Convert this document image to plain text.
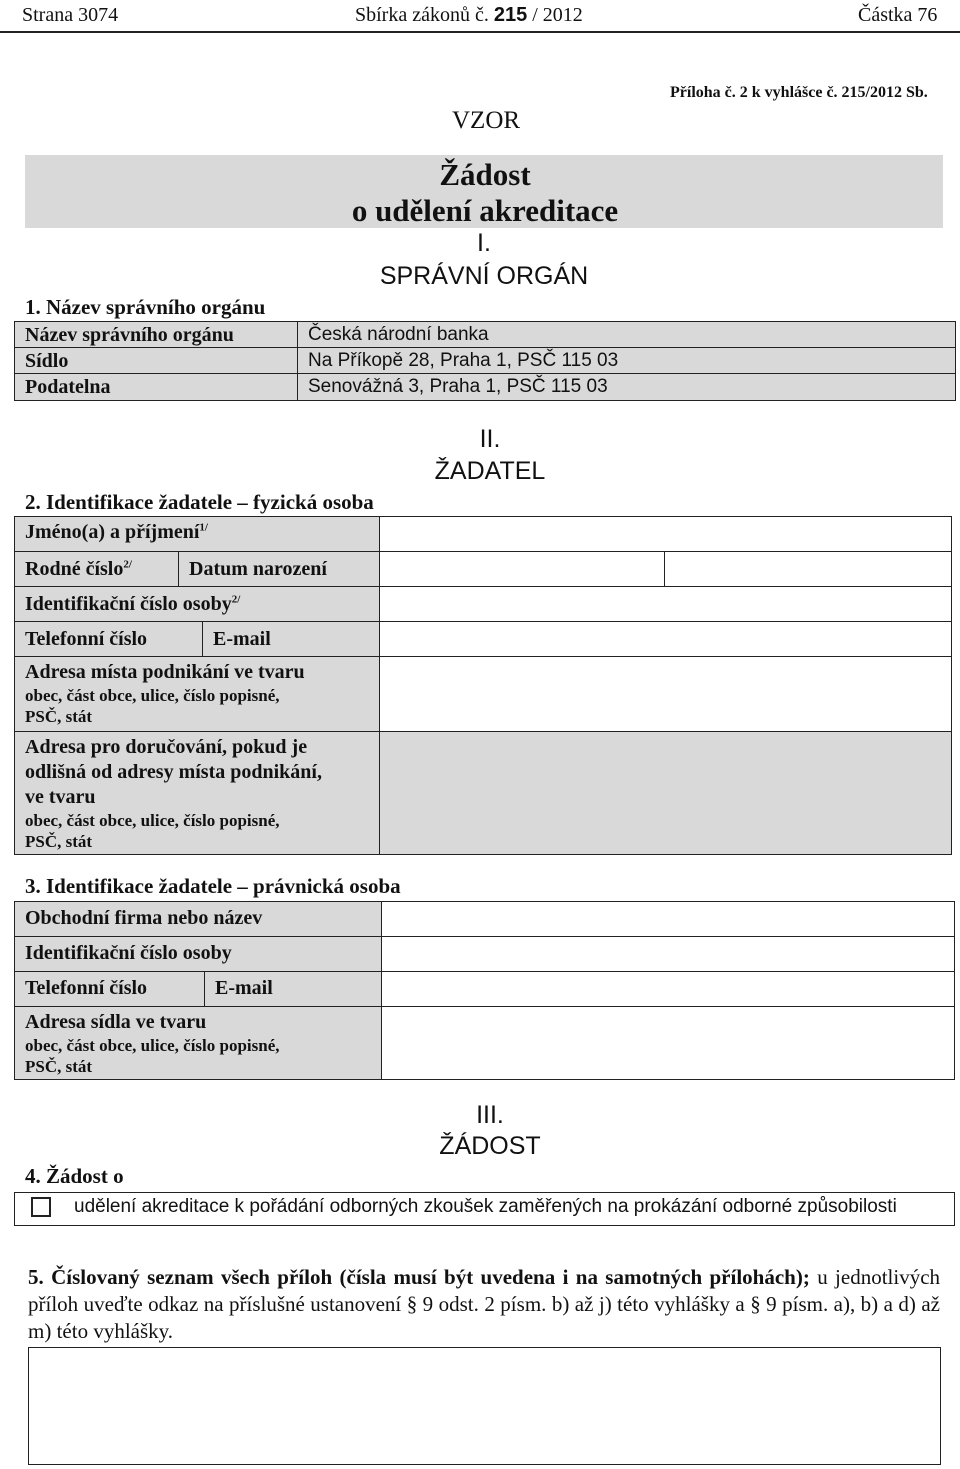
Strana 3074	Sbírka zákonů č. 215 / 2012	Částka 76
Příloha č. 2 k vyhlášce č. 215/2012 Sb.
VZOR
Žádost
o udělení akreditace
I.
SPRÁVNÍ ORGÁN
1. Název správního orgánu
Název správního orgánu	Česká národní banka
Sídlo	Na Příkopě 28, Praha 1, PSČ 115 03
Podatelna	Senovážná 3, Praha 1, PSČ 115 03
II.
ŽADATEL
2. Identifikace žadatele – fyzická osoba
Jméno(a) a příjmení$^{1/}$
Rodné číslo$^{2/}$	Datum narození
Identifikační číslo osoby$^{2/}$
Telefonní číslo	E-mail
Adresa místa podnikání ve tvaru
obec, část obce, ulice, číslo popisné,
PSČ, stát
Adresa pro doručování, pokud je
odlišná od adresy místa podnikání,
ve tvaru
obec, část obce, ulice, číslo popisné,
PSČ, stát
3. Identifikace žadatele – právnická osoba
Obchodní firma nebo název
Identifikační číslo osoby
Telefonní číslo	E-mail
Adresa sídla ve tvaru
obec, část obce, ulice, číslo popisné,
PSČ, stát
III.
ŽÁDOST
4. Žádost o
udělení akreditace k pořádání odborných zkoušek zaměřených na prokázání odborné způsobilosti
5. Číslovaný seznam všech příloh (čísla musí být uvedena i na samotných přílohách); u jednotlivých příloh uveďte odkaz na příslušné ustanovení § 9 odst. 2 písm. b) až j) této vyhlášky a § 9 písm. a), b) a d) až m) této vyhlášky.
